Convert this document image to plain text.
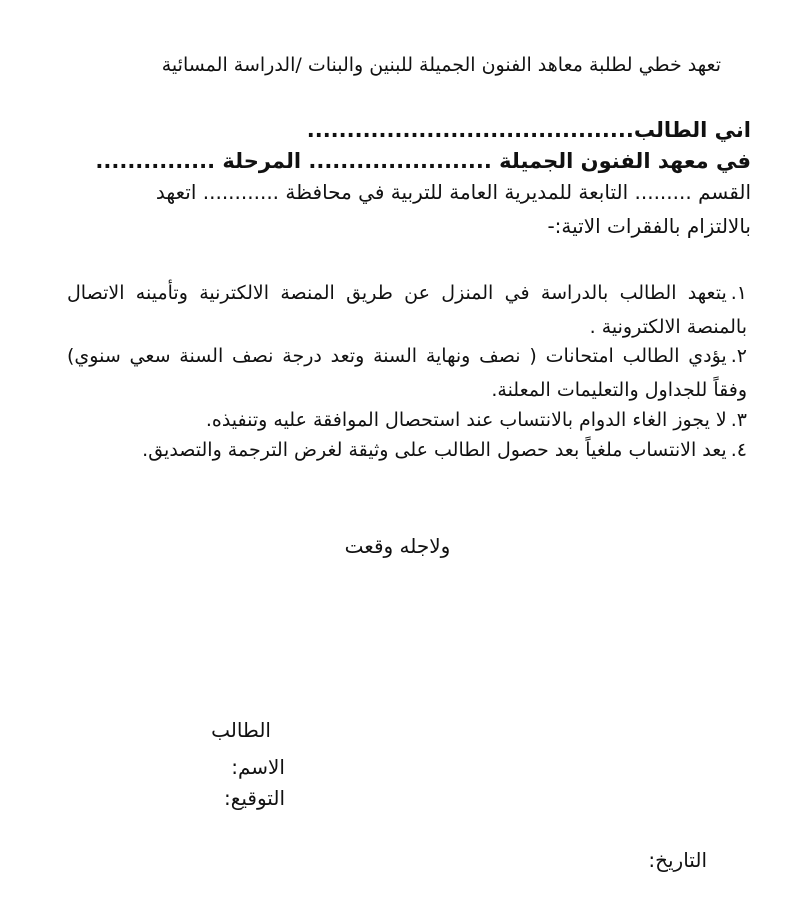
تعهد خطي لطلبة معاهد الفنون الجميلة للبنين والبنات /الدراسة المسائية
اني الطالب.........................................
في معهد الفنون الجميلة ....................... المرحلة ...............
القسم ......... التابعة للمديرية العامة للتربية في محافظة ............ اتعهد
بالالتزام بالفقرات الاتية:-
١.يتعهد الطالب بالدراسة في المنزل عن طريق المنصة الالكترنية وتأمينه الاتصال بالمنصة الالكترونية .
٢.يؤدي الطالب امتحانات ( نصف ونهاية السنة وتعد درجة نصف السنة سعي سنوي) وفقاً للجداول والتعليمات المعلنة.
٣.لا يجوز الغاء الدوام بالانتساب عند استحصال الموافقة عليه وتنفيذه.
٤.يعد الانتساب ملغياً بعد حصول الطالب على وثيقة لغرض الترجمة والتصديق.
ولاجله وقعت
الطالب
الاسم:
التوقيع:
التاريخ:
